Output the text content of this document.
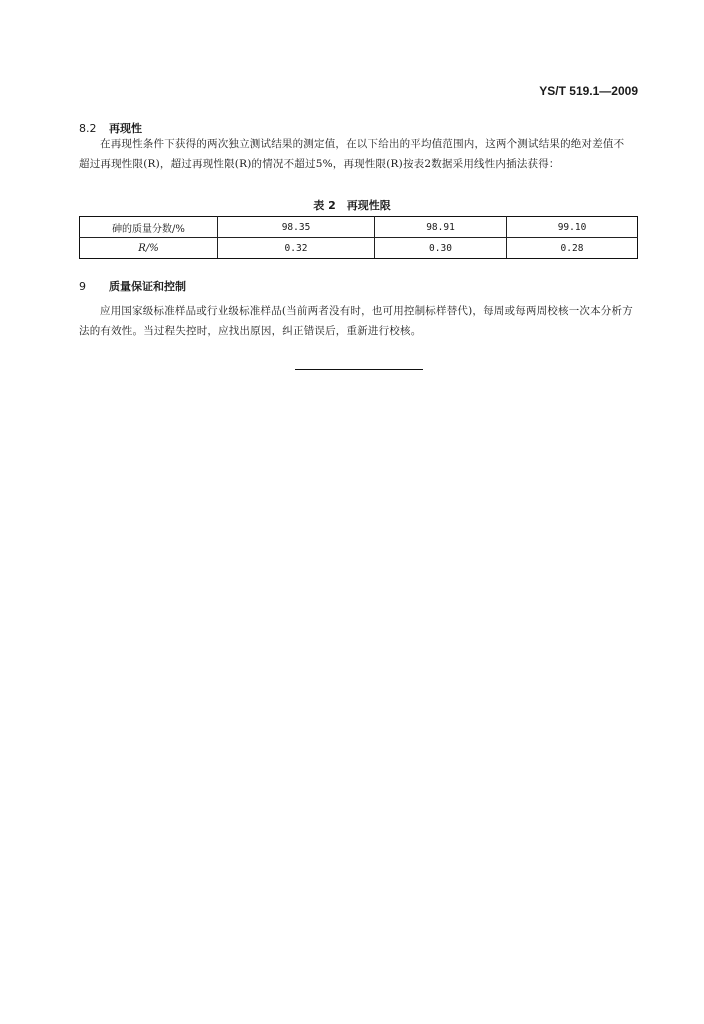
YS/T 519.1—2009
8.2 再现性
在再现性条件下获得的两次独立测试结果的测定值，在以下给出的平均值范围内，这两个测试结果的绝对差值不超过再现性限(R)，超过再现性限(R)的情况不超过5%，再现性限(R)按表2数据采用线性内插法获得：
表 2　再现性限
砷的质量分数/%	98.35	98.91	99.10
R/%	0.32	0.30	0.28
9 质量保证和控制
应用国家级标准样品或行业级标准样品(当前两者没有时，也可用控制标样替代)，每周或每两周校核一次本分析方法的有效性。当过程失控时，应找出原因，纠正错误后，重新进行校核。
